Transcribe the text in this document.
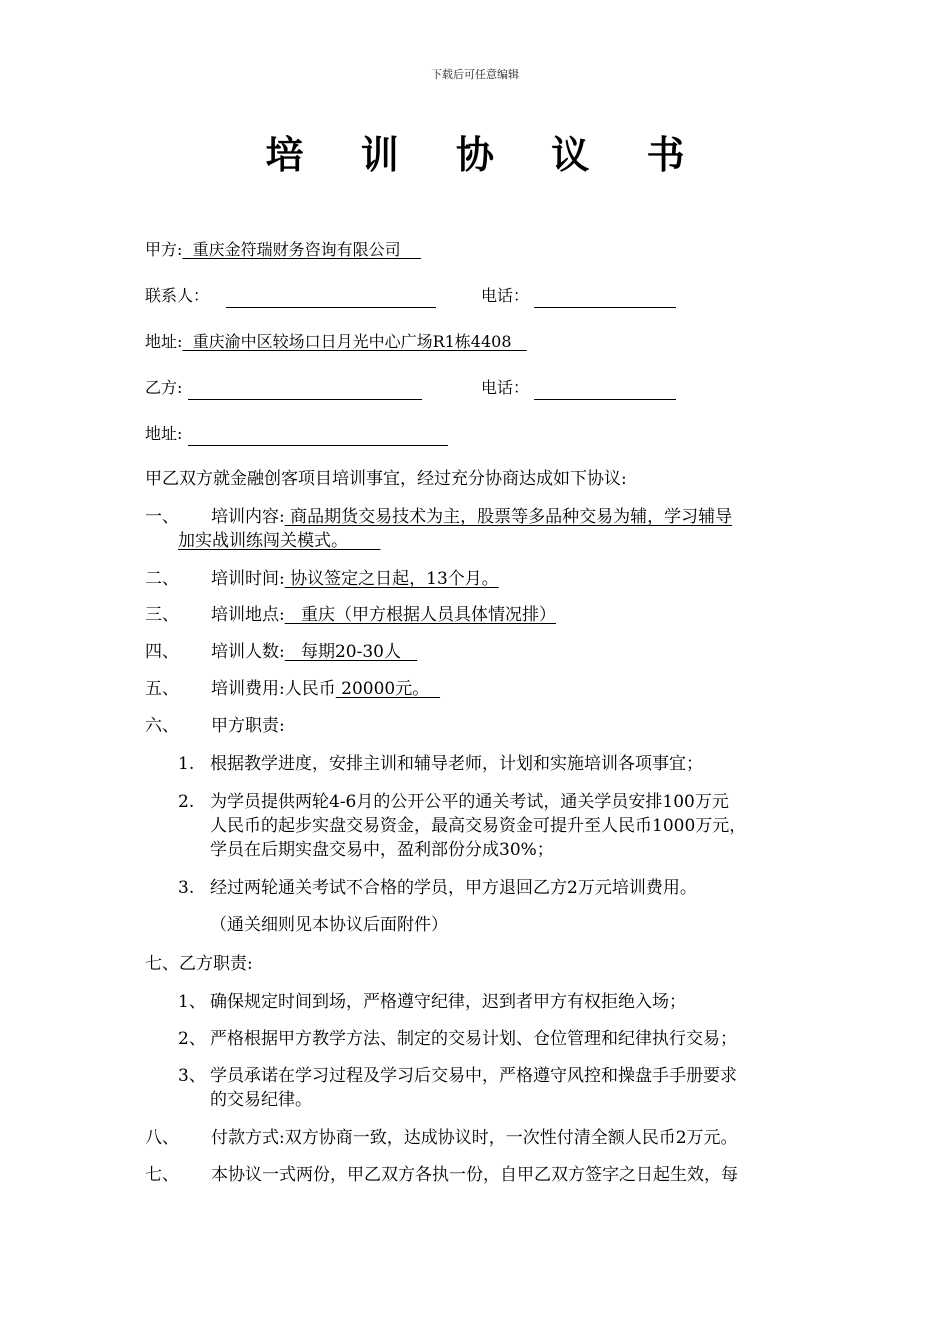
下载后可任意编辑
培 训 协 议 书
甲方:  重庆金符瑞财务咨询有限公司
联系人：	电话：
地址:  重庆渝中区较场口日月光中心广场R1栋4408
乙方:	电话：
地址:
甲乙双方就金融创客项目培训事宜，经过充分协商达成如下协议:
一、 培训内容: 商品期货交易技术为主，股票等多品种交易为辅，学习辅导
加实战训练闯关模式。
二、 培训时间: 协议签定之日起，13个月。
三、 培训地点:   重庆（甲方根据人员具体情况排）
四、 培训人数:   每期20-30人
五、 培训费用:人民币 20000元。
六、 甲方职责:
1. 根据教学进度，安排主训和辅导老师，计划和实施培训各项事宜；
2. 为学员提供两轮4-6月的公开公平的通关考试，通关学员安排100万元
人民币的起步实盘交易资金，最高交易资金可提升至人民币1000万元，
学员在后期实盘交易中，盈利部份分成30%；
3. 经过两轮通关考试不合格的学员，甲方退回乙方2万元培训费用。
（通关细则见本协议后面附件）
七、乙方职责:
1、 确保规定时间到场，严格遵守纪律，迟到者甲方有权拒绝入场；
2、 严格根据甲方教学方法、制定的交易计划、仓位管理和纪律执行交易；
3、 学员承诺在学习过程及学习后交易中，严格遵守风控和操盘手手册要求
的交易纪律。
八、 付款方式:双方协商一致，达成协议时，一次性付清全额人民币2万元。
七、 本协议一式两份，甲乙双方各执一份，自甲乙双方签字之日起生效，每
